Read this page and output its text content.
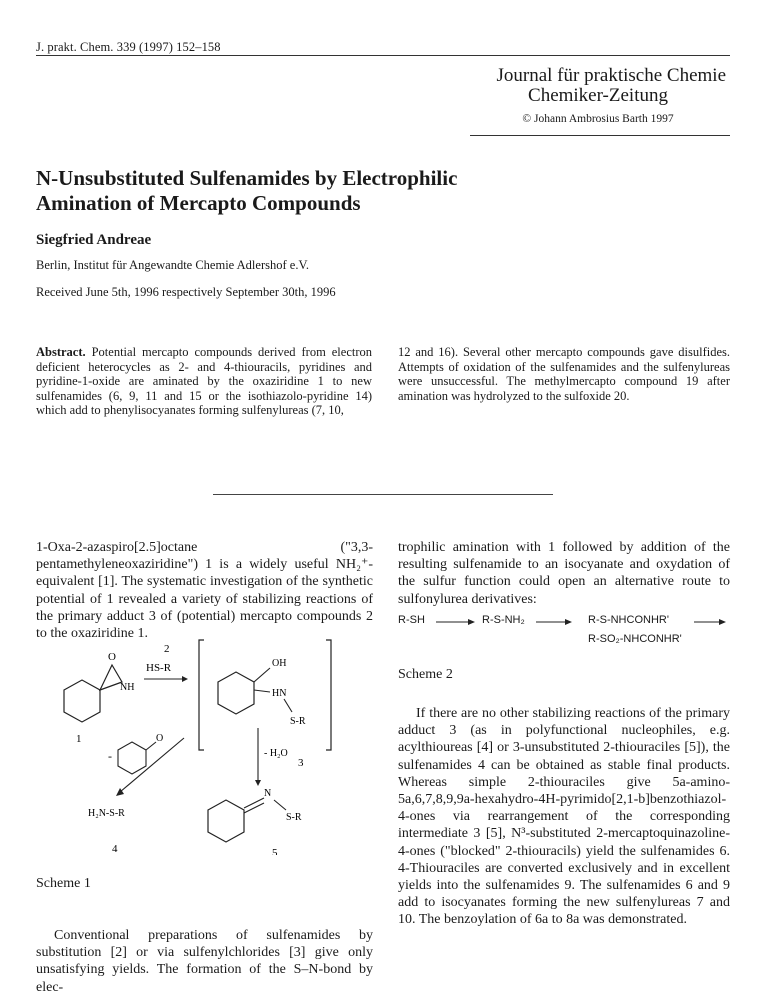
J. prakt. Chem. 339 (1997) 152–158
Journal für praktische Chemie
Chemiker-Zeitung
© Johann Ambrosius Barth 1997
N-Unsubstituted Sulfenamides by Electrophilic Amination of Mercapto Compounds
Siegfried Andreae
Berlin, Institut für Angewandte Chemie Adlershof e.V.
Received June 5th, 1996 respectively September 30th, 1996
Abstract. Potential mercapto compounds derived from electron deficient heterocycles as 2- and 4-thiouracils, pyridines and pyridine-1-oxide are aminated by the oxaziridine 1 to new sulfenamides (6, 9, 11 and 15 or the isothiazolo-pyridine 14) which add to phenylisocyanates forming sulfenylureas (7, 10,
12 and 16). Several other mercapto compounds gave disulfides. Attempts of oxidation of the sulfenamides and the sulfenylureas were unsuccessful. The methylmercapto compound 19 after amination was hydrolyzed to the sulfoxide 20.
1-Oxa-2-azaspiro[2.5]octane ("3,3-pentamethyleneoxaziridine") 1 is a widely useful NH₂⁺-equivalent [1]. The systematic investigation of the synthetic potential of 1 revealed a variety of stabilizing reactions of the primary adduct 3 of (potential) mercapto compounds 2 to the oxaziridine 1.
O
NH
1
2
HS-R	OH
HN
S-R
3
-
O
H₂N-S-R
4
- H₂O
N
S-R
5
Scheme 1
Conventional preparations of sulfenamides by substitution [2] or via sulfenylchlorides [3] give only unsatisfying yields. The formation of the S–N-bond by elec-
trophilic amination with 1 followed by addition of the resulting sulfenamide to an isocyanate and oxydation of the sulfur function could open an alternative route to sulfonylurea derivatives:
R-SH	R-S-NH₂	R-S-NHCONHR'
R-SO₂-NHCONHR'
Scheme 2
If there are no other stabilizing reactions of the primary adduct 3 (as in polyfunctional nucleophiles, e.g. acylthioureas [4] or 3-unsubstituted 2-thiouraciles [5]), the sulfenamides 4 can be obtained as stable final products. Whereas simple 2-thiouraciles give 5a-amino-5a,6,7,8,9,9a-hexahydro-4H-pyrimido[2,1-b]benzothiazol-4-ones via rearrangement of the corresponding intermediate 3 [5], N³-substituted 2-mercaptoquinazoline-4-ones ("blocked" 2-thiouracils) yield the sulfenamides 6. 4-Thiouraciles are converted exclusively and in excellent yields into the sulfenamides 9. The sulfenamides 6 and 9 add to isocyanates forming the new sulfenylureas 7 and 10. The benzoylation of 6a to 8a was demonstrated.
